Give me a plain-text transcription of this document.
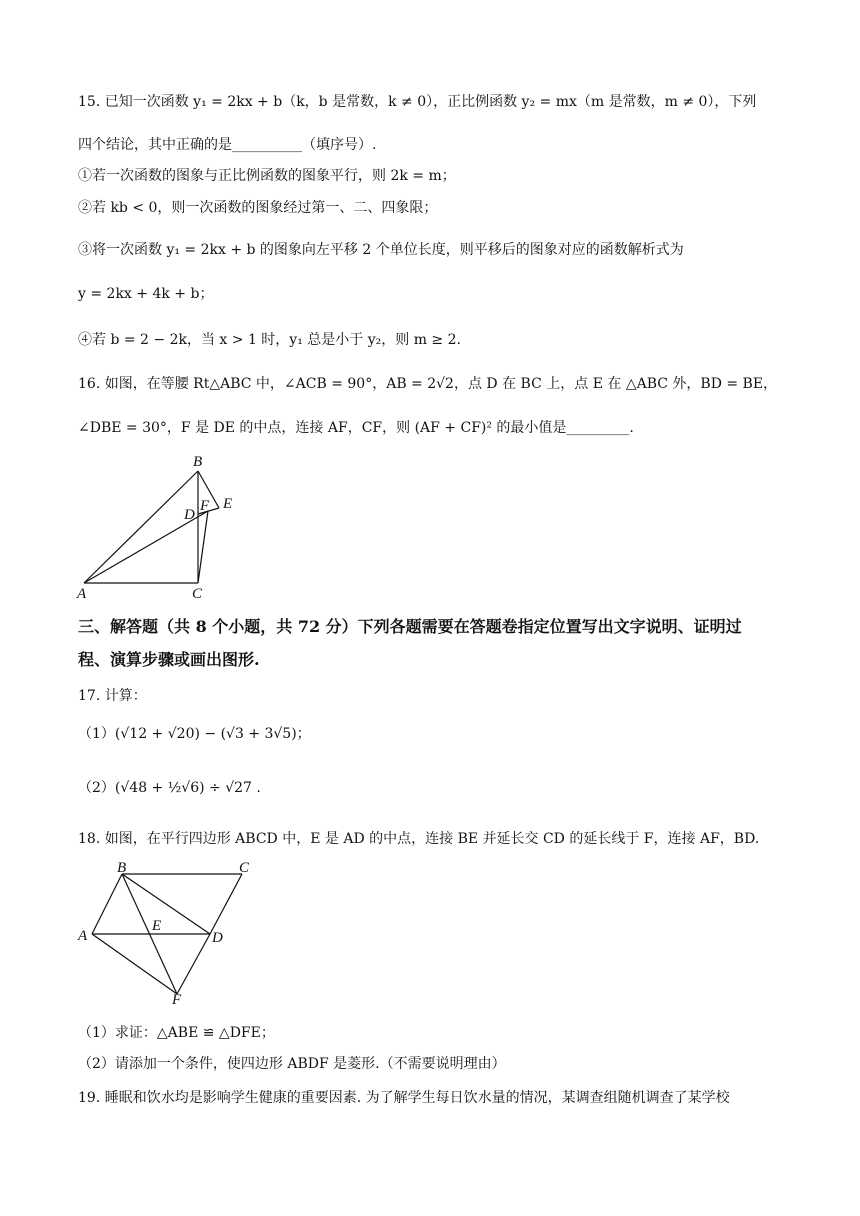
15. 已知一次函数 y₁ = 2kx + b（k，b 是常数，k ≠ 0），正比例函数 y₂ = mx（m 是常数，m ≠ 0），下列
四个结论，其中正确的是__________（填序号）.
①若一次函数的图象与正比例函数的图象平行，则 2k = m；
②若 kb < 0，则一次函数的图象经过第一、二、四象限；
③将一次函数 y₁ = 2kx + b 的图象向左平移 2 个单位长度，则平移后的图象对应的函数解析式为
y = 2kx + 4k + b；
④若 b = 2 − 2k，当 x > 1 时，y₁ 总是小于 y₂，则 m ≥ 2.
16. 如图，在等腰 Rt△ABC 中，∠ACB = 90°，AB = 2√2，点 D 在 BC 上，点 E 在 △ABC 外，BD = BE，
∠DBE = 30°，F 是 DE 的中点，连接 AF，CF，则 (AF + CF)² 的最小值是_________.
B
F E
D
A	C
三、解答题（共 8 个小题，共 72 分）下列各题需要在答题卷指定位置写出文字说明、证明过
程、演算步骤或画出图形.
17. 计算：
（1）(√12 + √20) − (√3 + 3√5)；
（2）(√48 + ½√6) ÷ √27 .
18. 如图，在平行四边形 ABCD 中，E 是 AD 的中点，连接 BE 并延长交 CD 的延长线于 F，连接 AF，BD.
B	C
A
E
D
F
（1）求证：△ABE ≌ △DFE；
（2）请添加一个条件，使四边形 ABDF 是菱形.（不需要说明理由）
19. 睡眠和饮水均是影响学生健康的重要因素. 为了解学生每日饮水量的情况，某调查组随机调查了某学校
